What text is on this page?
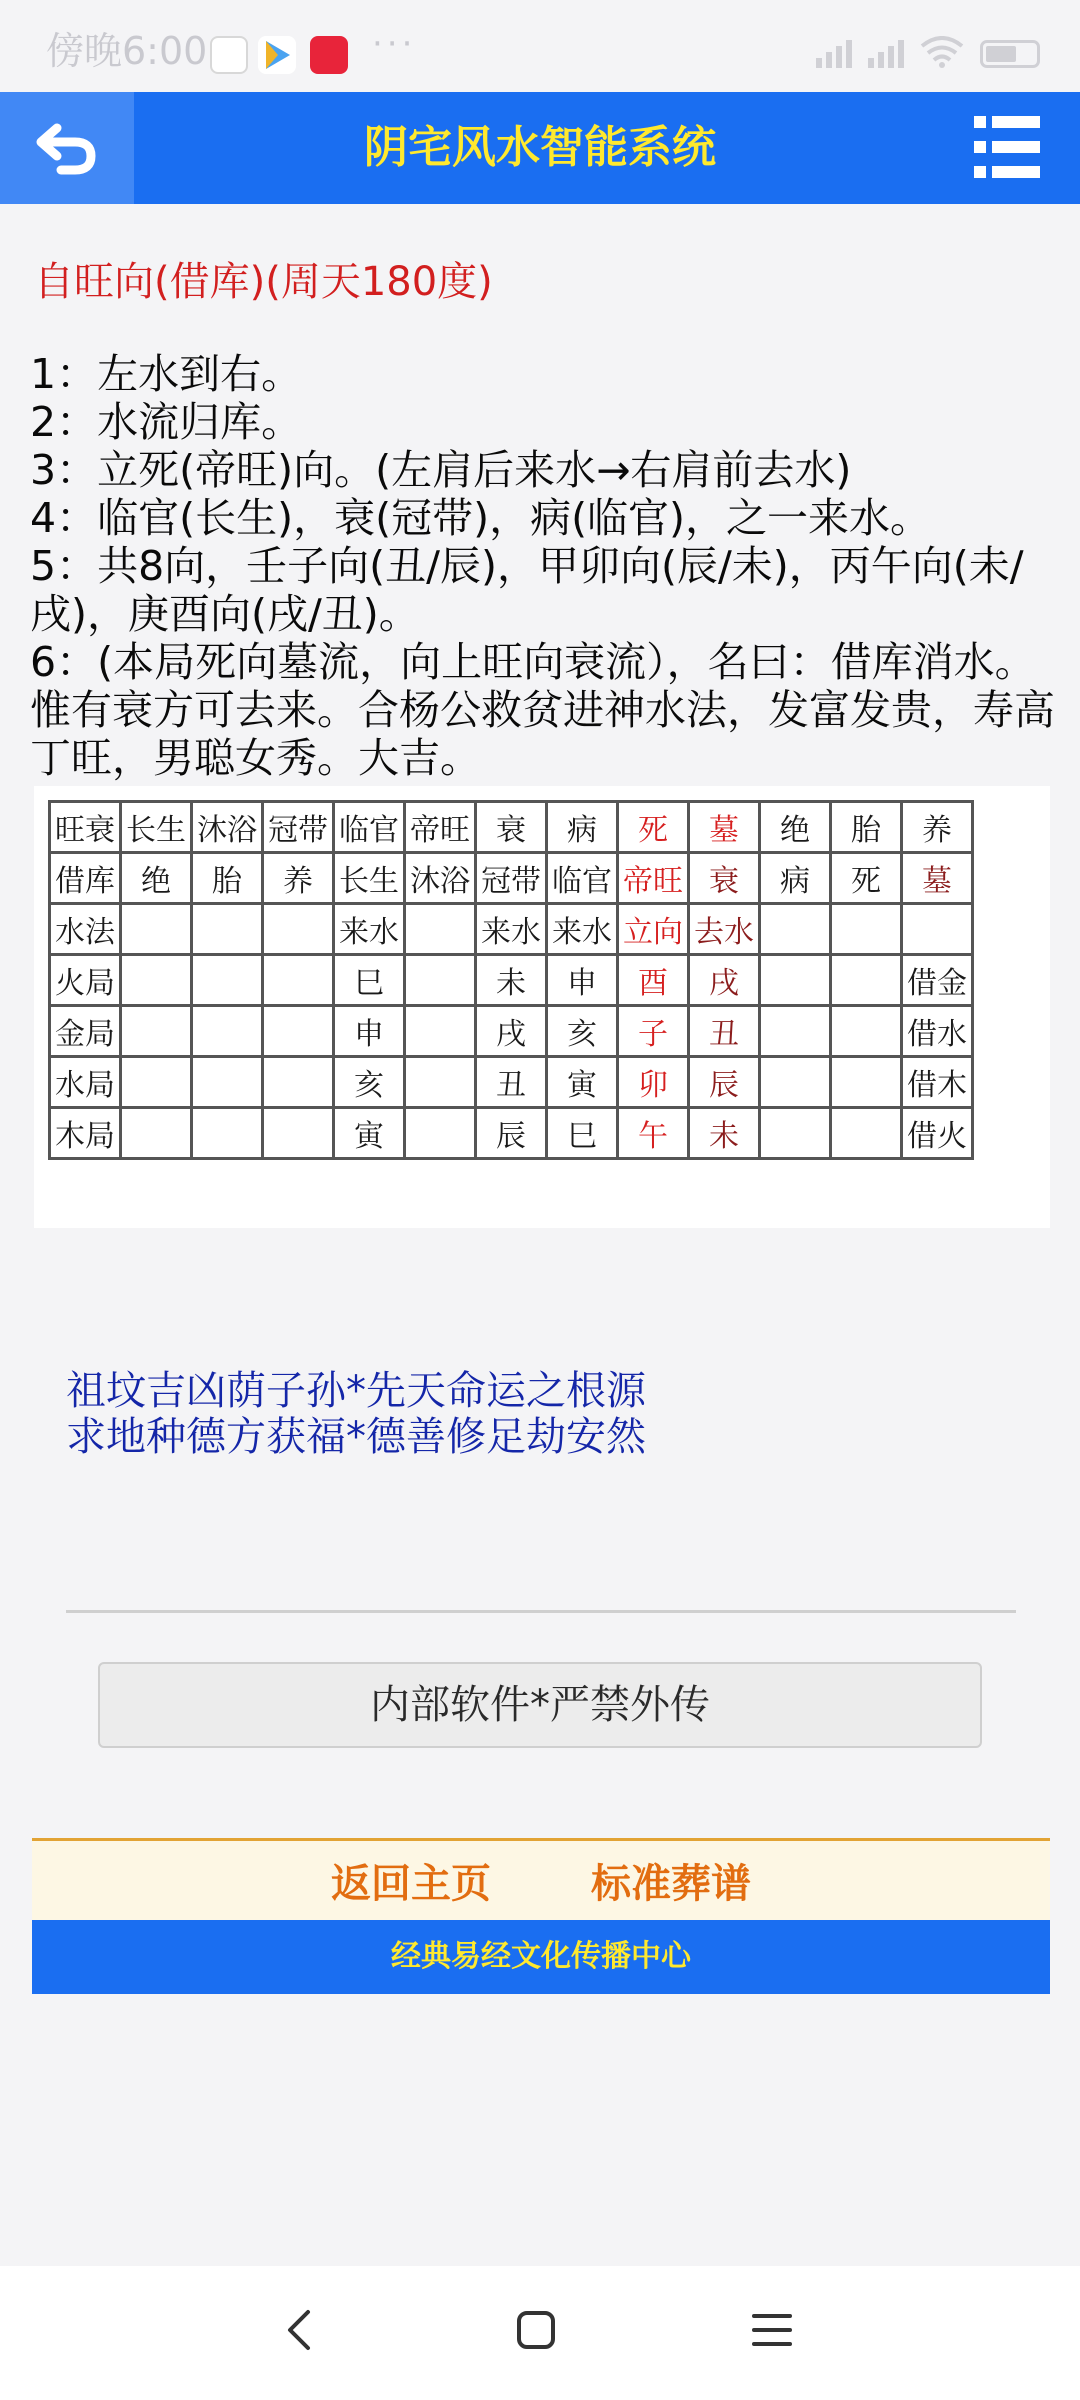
傍晚6:00	···
阴宅风水智能系统
自旺向(借库)(周天180度)
1：左水到右。
2：水流归库。
3：立死(帝旺)向。(左肩后来水→右肩前去水)
4：临官(长生)，衰(冠带)，病(临官)，之一来水。
5：共8向，壬子向(丑/辰)，甲卯向(辰/未)，丙午向(未/戌)，庚酉向(戌/丑)。
6：(本局死向墓流，向上旺向衰流），名曰：借库消水。惟有衰方可去来。合杨公救贫进神水法，发富发贵，寿高丁旺，男聪女秀。大吉。
旺衰	长生	沐浴	冠带	临官	帝旺	衰	病	死	墓	绝	胎	养
借库	绝	胎	养	长生	沐浴	冠带	临官	帝旺	衰	病	死	墓
水法				来水		来水	来水	立向	去水			
火局				巳		未	申	酉	戌			借金
金局				申		戌	亥	子	丑			借水
水局				亥		丑	寅	卯	辰			借木
木局				寅		辰	巳	午	未			借火
祖坟吉凶荫子孙*先天命运之根源
求地种德方获福*德善修足劫安然
内部软件*严禁外传
返回主页	标准葬谱
经典易经文化传播中心
